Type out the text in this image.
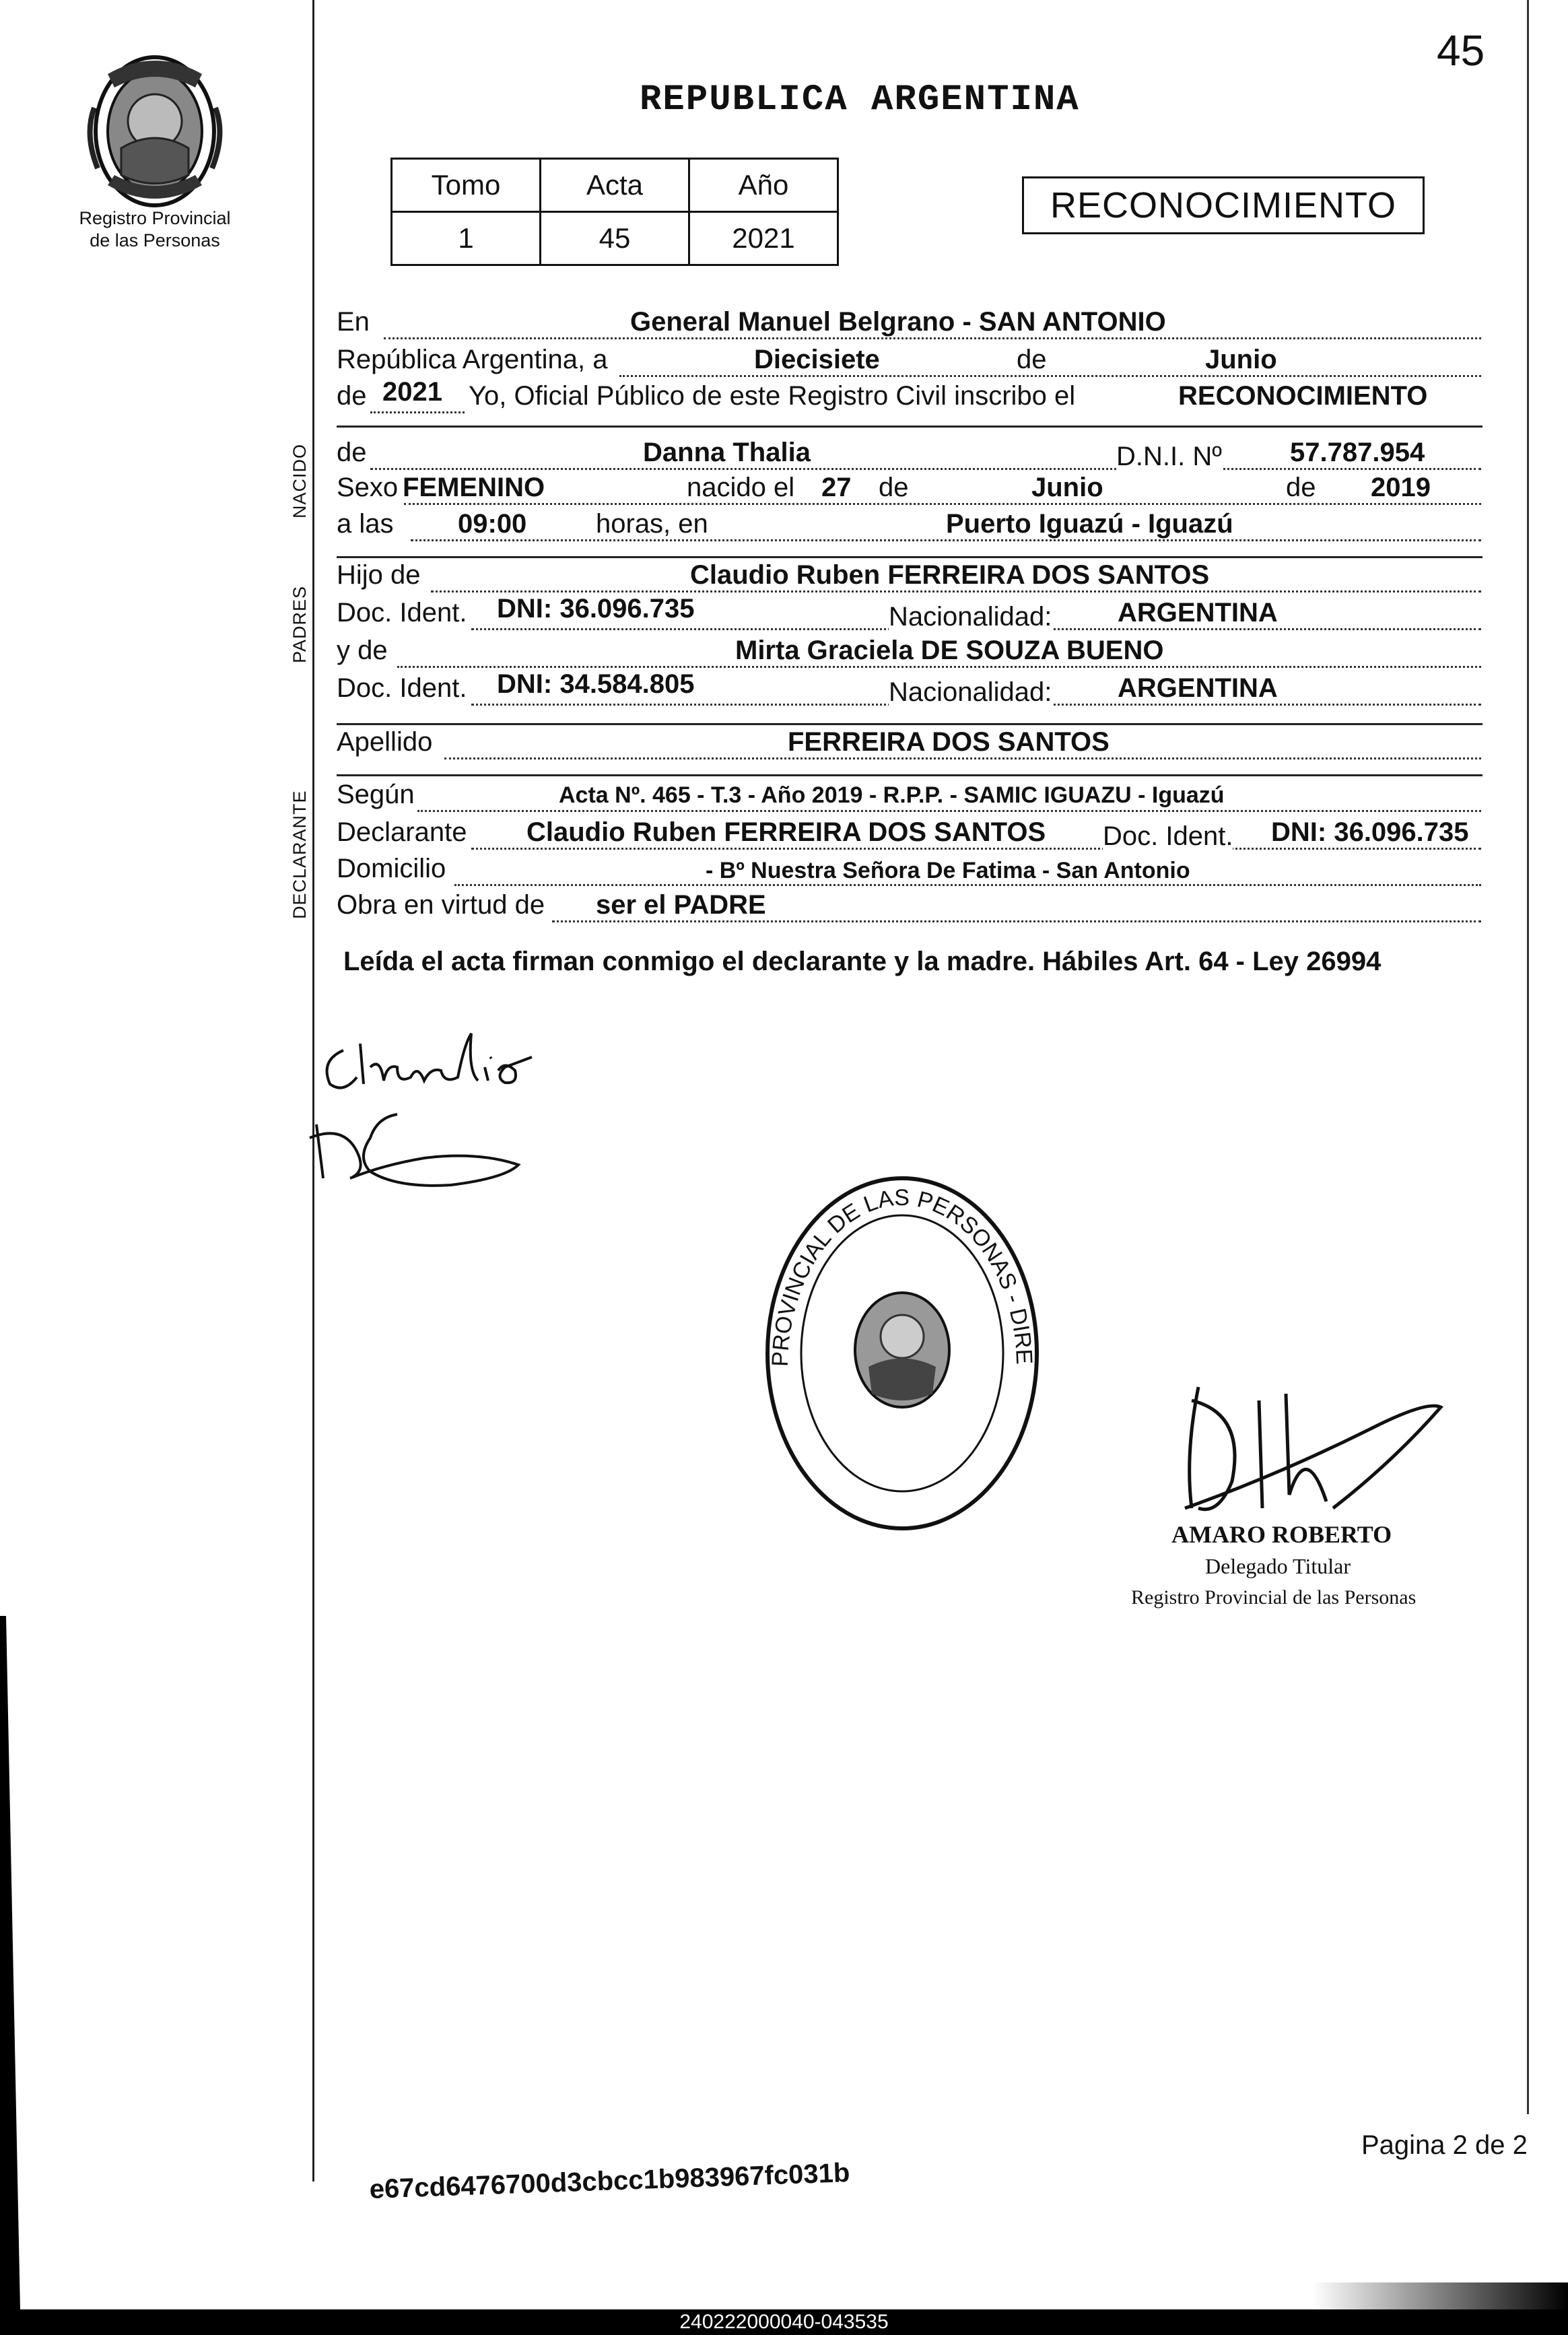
45
Registro Provincial
de las Personas
REPUBLICA ARGENTINA
Tomo	Acta	Año
1	45	2021
RECONOCIMIENTO
NACIDO
PADRES
DECLARANTE
En	General Manuel Belgrano - SAN ANTONIO
República Argentina, a	Diecisiete	de	Junio
de 2021 Yo, Oficial Público de este Registro Civil inscribo el	RECONOCIMIENTO
de	Danna Thalia	D.N.I. Nº	57.787.954
Sexo FEMENINO	nacido el 27 de	Junio	de 2019
a las 09:00	horas, en	Puerto Iguazú - Iguazú
Hijo de	Claudio Ruben FERREIRA DOS SANTOS
Doc. Ident. DNI: 36.096.735	Nacionalidad: ARGENTINA
y de	Mirta Graciela DE SOUZA BUENO
Doc. Ident. DNI: 34.584.805	Nacionalidad: ARGENTINA
Apellido	FERREIRA DOS SANTOS
Según	Acta Nº. 465 - T.3 - Año 2019 - R.P.P. - SAMIC IGUAZU - Iguazú
Declarante Claudio Ruben FERREIRA DOS SANTOS Doc. Ident. DNI: 36.096.735
Domicilio	- Bº Nuestra Señora De Fatima - San Antonio
Obra en virtud de ser el PADRE
Leída el acta firman conmigo el declarante y la madre. Hábiles Art. 64 - Ley 26994
PROVINCIAL DE LAS PERSONAS - DIRE
AMARO ROBERTO
Delegado Titular
Registro Provincial de las Personas
Pagina 2 de 2
e67cd6476700d3cbcc1b983967fc031b
240222000040-043535
